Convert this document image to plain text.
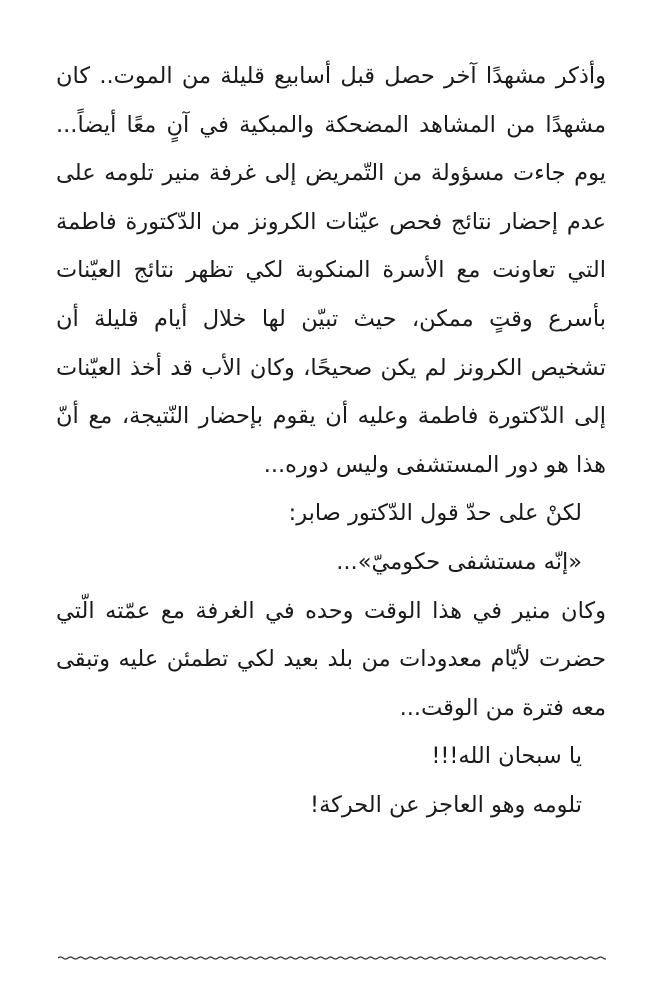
وأذكر مشهدًا آخر حصل قبل أسابيع قليلة من الموت.. كان مشهدًا من المشاهد المضحكة والمبكية في آنٍ معًا أيضاً... يوم جاءت مسؤولة من التّمريض إلى غرفة منير تلومه على عدم إحضار نتائج فحص عيّنات الكرونز من الدّكتورة فاطمة التي تعاونت مع الأسرة المنكوبة لكي تظهر نتائج العيّنات بأسرع وقتٍ ممكن، حيث تبيّن لها خلال أيام قليلة أن تشخيص الكرونز لم يكن صحيحًا، وكان الأب قد أخذ العيّنات إلى الدّكتورة فاطمة وعليه أن يقوم بإحضار النّتيجة، مع أنّ هذا هو دور المستشفى وليس دوره...

لكنْ على حدّ قول الدّكتور صابر:

«إنّه مستشفى حكوميّ»...

وكان منير في هذا الوقت وحده في الغرفة مع عمّته الّتي حضرت لأيّام معدودات من بلد بعيد لكي تطمئن عليه وتبقى معه فترة من الوقت...

يا سبحان الله!!!

تلومه وهو العاجز عن الحركة!
